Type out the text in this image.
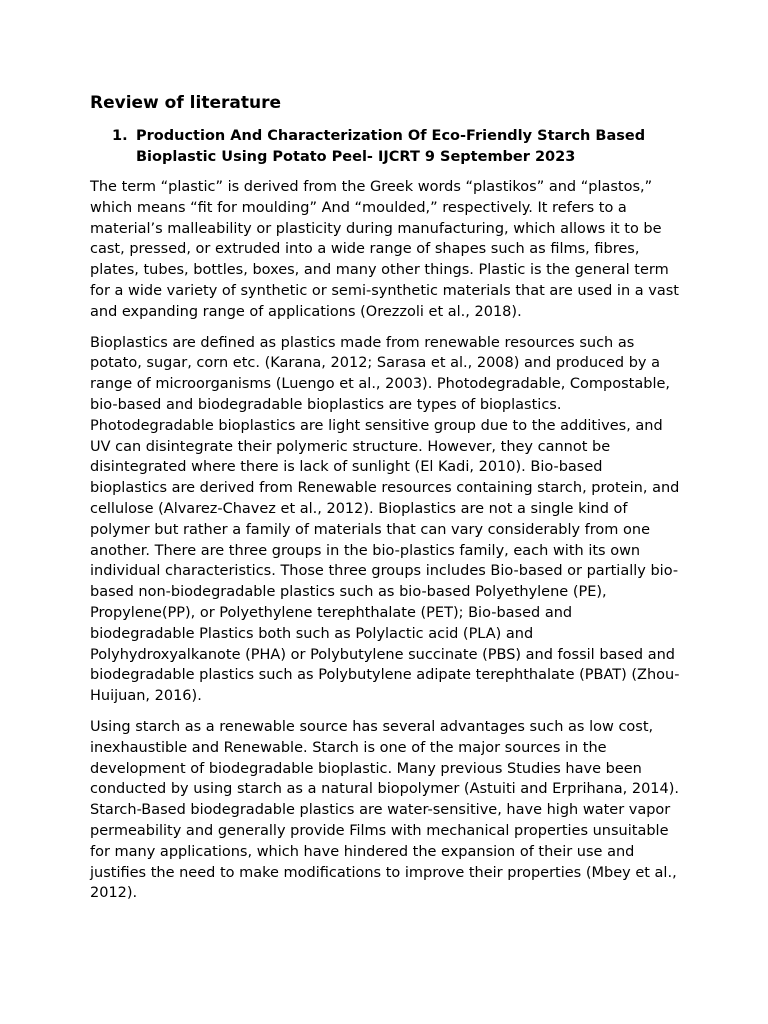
Review of literature
1. Production And Characterization Of Eco-Friendly Starch Based Bioplastic Using Potato Peel- IJCRT 9 September 2023

The term “plastic” is derived from the Greek words “plastikos” and “plastos,” which means “fit for moulding” And “moulded,” respectively. It refers to a material’s malleability or plasticity during manufacturing, which allows it to be cast, pressed, or extruded into a wide range of shapes such as films, fibres, plates, tubes, bottles, boxes, and many other things. Plastic is the general term for a wide variety of synthetic or semi-synthetic materials that are used in a vast and expanding range of applications (Orezzoli et al., 2018).

Bioplastics are defined as plastics made from renewable resources such as potato, sugar, corn etc. (Karana, 2012; Sarasa et al., 2008) and produced by a range of microorganisms (Luengo et al., 2003). Photodegradable, Compostable, bio-based and biodegradable bioplastics are types of bioplastics. Photodegradable bioplastics are light sensitive group due to the additives, and UV can disintegrate their polymeric structure. However, they cannot be disintegrated where there is lack of sunlight (El Kadi, 2010). Bio-based bioplastics are derived from Renewable resources containing starch, protein, and cellulose (Alvarez-Chavez et al., 2012). Bioplastics are not a single kind of polymer but rather a family of materials that can vary considerably from one another. There are three groups in the bio-plastics family, each with its own individual characteristics. Those three groups includes Bio-based or partially bio-based non-biodegradable plastics such as bio-based Polyethylene (PE), Propylene(PP), or Polyethylene terephthalate (PET); Bio-based and biodegradable Plastics both such as Polylactic acid (PLA) and Polyhydroxyalkanote (PHA) or Polybutylene succinate (PBS) and fossil based and biodegradable plastics such as Polybutylene adipate terephthalate (PBAT) (Zhou-Huijuan, 2016).

Using starch as a renewable source has several advantages such as low cost, inexhaustible and Renewable. Starch is one of the major sources in the development of biodegradable bioplastic. Many previous Studies have been conducted by using starch as a natural biopolymer (Astuiti and Erprihana, 2014). Starch-Based biodegradable plastics are water-sensitive, have high water vapor permeability and generally provide Films with mechanical properties unsuitable for many applications, which have hindered the expansion of their use and justifies the need to make modifications to improve their properties (Mbey et al., 2012).
